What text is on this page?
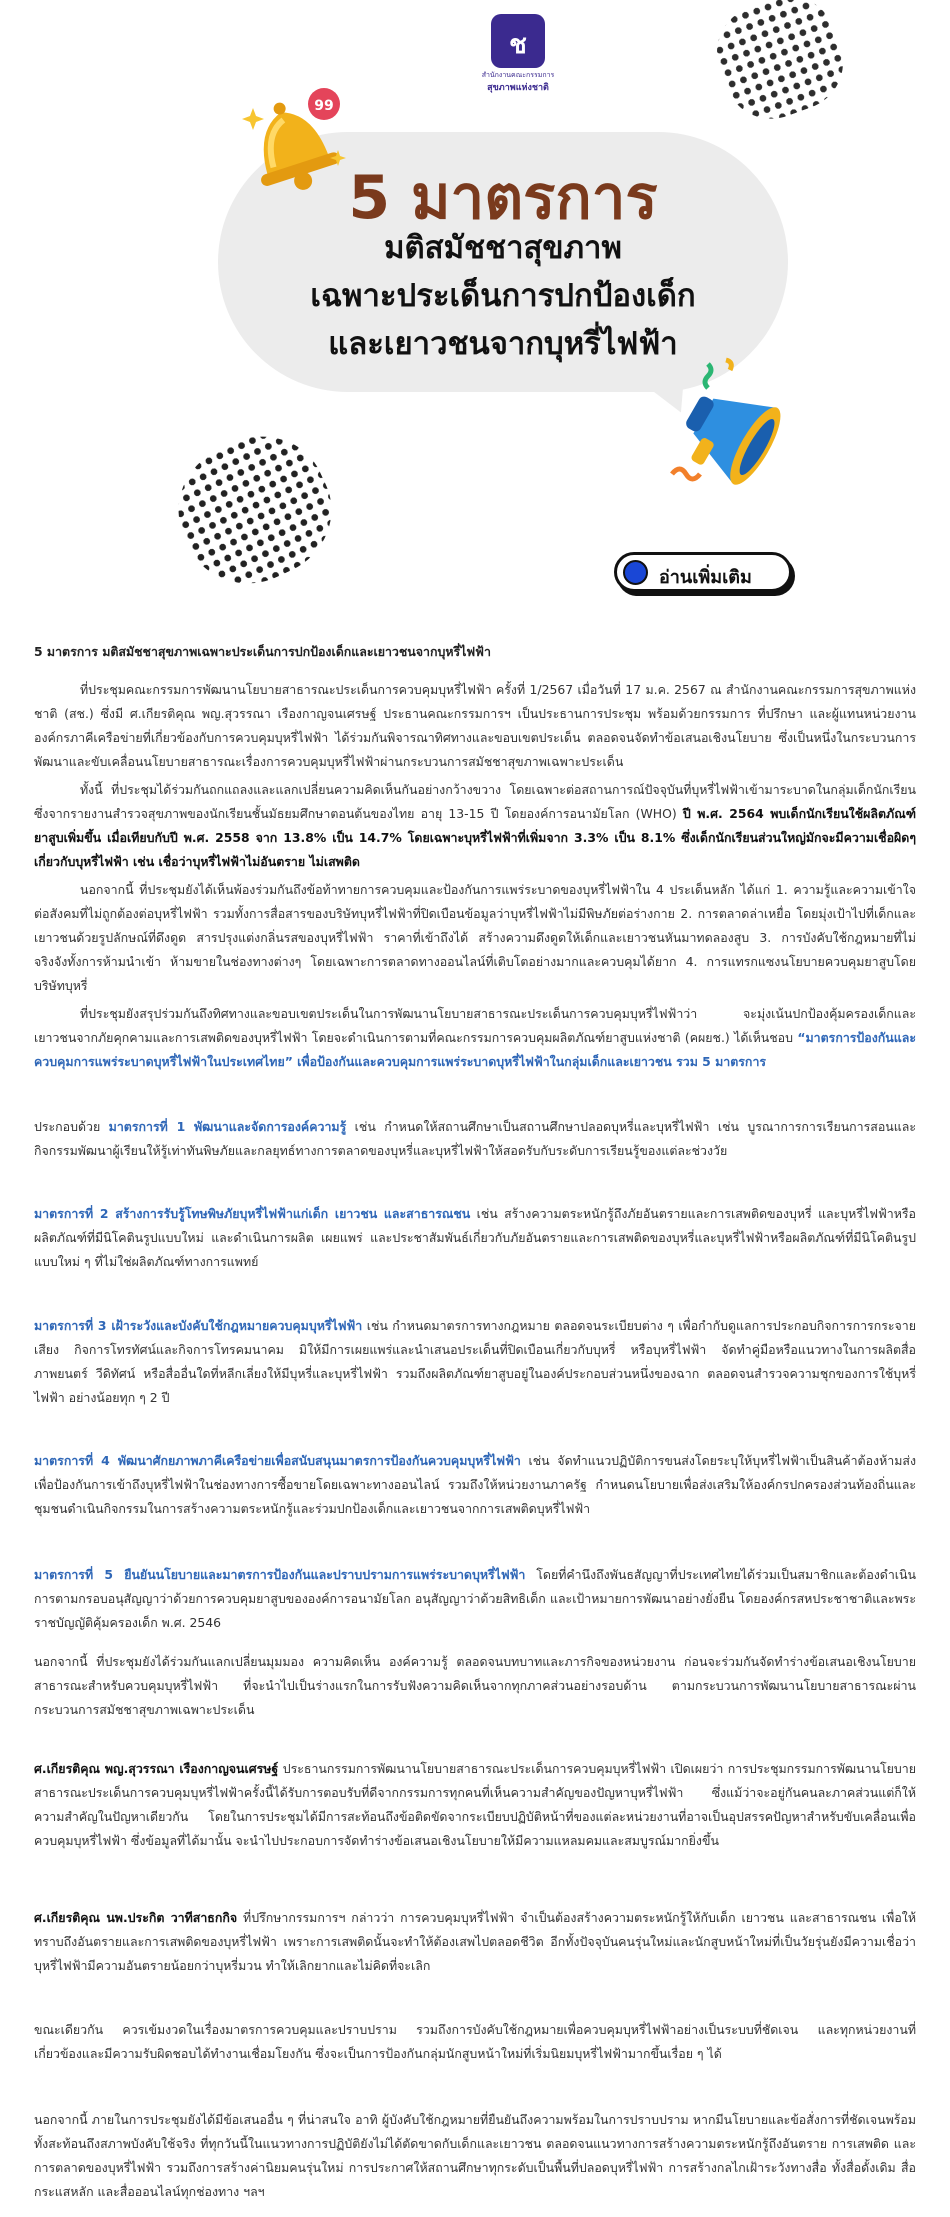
ช
สำนักงานคณะกรรมการ
สุขภาพแห่งชาติ
99
5 มาตรการ
มติสมัชชาสุขภาพ
เฉพาะประเด็นการปกป้องเด็ก
และเยาวชนจากบุหรี่ไฟฟ้า
อ่านเพิ่มเติม

5 มาตรการ มติสมัชชาสุขภาพเฉพาะประเด็นการปกป้องเด็กและเยาวชนจากบุหรี่ไฟฟ้า

ที่ประชุมคณะกรรมการพัฒนานโยบายสาธารณะประเด็นการควบคุมบุหรี่ไฟฟ้า ครั้งที่ 1/2567 เมื่อวันที่ 17 ม.ค. 2567 ณ สำนักงานคณะกรรมการสุขภาพแห่งชาติ (สช.) ซึ่งมี ศ.เกียรติคุณ พญ.สุวรรณา เรืองกาญจนเศรษฐ์ ประธานคณะกรรมการฯ เป็นประธานการประชุม พร้อมด้วยกรรมการ ที่ปรึกษา และผู้แทนหน่วยงานองค์กรภาคีเครือข่ายที่เกี่ยวข้องกับการควบคุมบุหรี่ไฟฟ้า ได้ร่วมกันพิจารณาทิศทางและขอบเขตประเด็น ตลอดจนจัดทำข้อเสนอเชิงนโยบาย ซึ่งเป็นหนึ่งในกระบวนการพัฒนาและขับเคลื่อนนโยบายสาธารณะเรื่องการควบคุมบุหรี่ไฟฟ้าผ่านกระบวนการสมัชชาสุขภาพเฉพาะประเด็น

ทั้งนี้ ที่ประชุมได้ร่วมกันถกแถลงและแลกเปลี่ยนความคิดเห็นกันอย่างกว้างขวาง โดยเฉพาะต่อสถานการณ์ปัจจุบันที่บุหรี่ไฟฟ้าเข้ามาระบาดในกลุ่มเด็กนักเรียน ซึ่งจากรายงานสำรวจสุขภาพของนักเรียนชั้นมัธยมศึกษาตอนต้นของไทย อายุ 13-15 ปี โดยองค์การอนามัยโลก (WHO) ปี พ.ศ. 2564 พบเด็กนักเรียนใช้ผลิตภัณฑ์ยาสูบเพิ่มขึ้น เมื่อเทียบกับปี พ.ศ. 2558 จาก 13.8% เป็น 14.7% โดยเฉพาะบุหรี่ไฟฟ้าที่เพิ่มจาก 3.3% เป็น 8.1% ซึ่งเด็กนักเรียนส่วนใหญ่มักจะมีความเชื่อผิดๆ เกี่ยวกับบุหรี่ไฟฟ้า เช่น เชื่อว่าบุหรี่ไฟฟ้าไม่อันตราย ไม่เสพติด

นอกจากนี้ ที่ประชุมยังได้เห็นพ้องร่วมกันถึงข้อท้าทายการควบคุมและป้องกันการแพร่ระบาดของบุหรี่ไฟฟ้าใน 4 ประเด็นหลัก ได้แก่ 1. ความรู้และความเข้าใจต่อสังคมที่ไม่ถูกต้องต่อบุหรี่ไฟฟ้า รวมทั้งการสื่อสารของบริษัทบุหรี่ไฟฟ้าที่ปิดเบือนข้อมูลว่าบุหรี่ไฟฟ้าไม่มีพิษภัยต่อร่างกาย 2. การตลาดล่าเหยื่อ โดยมุ่งเป้าไปที่เด็กและเยาวชนด้วยรูปลักษณ์ที่ดึงดูด สารปรุงแต่งกลิ่นรสของบุหรี่ไฟฟ้า ราคาที่เข้าถึงได้ สร้างความดึงดูดให้เด็กและเยาวชนหันมาทดลองสูบ 3. การบังคับใช้กฎหมายที่ไม่จริงจังทั้งการห้ามนำเข้า ห้ามขายในช่องทางต่างๆ โดยเฉพาะการตลาดทางออนไลน์ที่เติบโตอย่างมากและควบคุมได้ยาก 4. การแทรกแซงนโยบายควบคุมยาสูบโดยบริษัทบุหรี่

ที่ประชุมยังสรุปร่วมกันถึงทิศทางและขอบเขตประเด็นในการพัฒนานโยบายสาธารณะประเด็นการควบคุมบุหรี่ไฟฟ้าว่า จะมุ่งเน้นปกป้องคุ้มครองเด็กและเยาวชนจากภัยคุกคามและการเสพติดของบุหรี่ไฟฟ้า โดยจะดำเนินการตามที่คณะกรรมการควบคุมผลิตภัณฑ์ยาสูบแห่งชาติ (คผยช.) ได้เห็นชอบ “มาตรการป้องกันและควบคุมการแพร่ระบาดบุหรี่ไฟฟ้าในประเทศไทย” เพื่อป้องกันและควบคุมการแพร่ระบาดบุหรี่ไฟฟ้าในกลุ่มเด็กและเยาวชน รวม 5 มาตรการ

ประกอบด้วย มาตรการที่ 1 พัฒนาและจัดการองค์ความรู้ เช่น กำหนดให้สถานศึกษาเป็นสถานศึกษาปลอดบุหรี่และบุหรี่ไฟฟ้า เช่น บูรณาการการเรียนการสอนและกิจกรรมพัฒนาผู้เรียนให้รู้เท่าทันพิษภัยและกลยุทธ์ทางการตลาดของบุหรี่และบุหรี่ไฟฟ้าให้สอดรับกับระดับการเรียนรู้ของแต่ละช่วงวัย
มาตรการที่ 2 สร้างการรับรู้โทษพิษภัยบุหรี่ไฟฟ้าแก่เด็ก เยาวชน และสาธารณชน เช่น สร้างความตระหนักรู้ถึงภัยอันตรายและการเสพติดของบุหรี่ และบุหรี่ไฟฟ้าหรือผลิตภัณฑ์ที่มีนิโคตินรูปแบบใหม่ และดำเนินการผลิต เผยแพร่ และประชาสัมพันธ์เกี่ยวกับภัยอันตรายและการเสพติดของบุหรี่และบุหรี่ไฟฟ้าหรือผลิตภัณฑ์ที่มีนิโคตินรูปแบบใหม่ ๆ ที่ไม่ใช่ผลิตภัณฑ์ทางการแพทย์
มาตรการที่ 3 เฝ้าระวังและบังคับใช้กฎหมายควบคุมบุหรี่ไฟฟ้า เช่น กำหนดมาตรการทางกฎหมาย ตลอดจนระเบียบต่าง ๆ เพื่อกำกับดูแลการประกอบกิจการการกระจายเสียง กิจการโทรทัศน์และกิจการโทรคมนาคม มิให้มีการเผยแพร่และนำเสนอประเด็นที่ปิดเบือนเกี่ยวกับบุหรี่ หรือบุหรี่ไฟฟ้า จัดทำคู่มือหรือแนวทางในการผลิตสื่อภาพยนตร์ วีดิทัศน์ หรือสื่ออื่นใดที่หลีกเลี่ยงให้มีบุหรี่และบุหรี่ไฟฟ้า รวมถึงผลิตภัณฑ์ยาสูบอยู่ในองค์ประกอบส่วนหนึ่งของฉาก ตลอดจนสำรวจความชุกของการใช้บุหรี่ไฟฟ้า อย่างน้อยทุก ๆ 2 ปี
มาตรการที่ 4 พัฒนาศักยภาพภาคีเครือข่ายเพื่อสนับสนุนมาตรการป้องกันควบคุมบุหรี่ไฟฟ้า เช่น จัดทำแนวปฏิบัติการขนส่งโดยระบุให้บุหรี่ไฟฟ้าเป็นสินค้าต้องห้ามส่ง เพื่อป้องกันการเข้าถึงบุหรี่ไฟฟ้าในช่องทางการซื้อขายโดยเฉพาะทางออนไลน์ รวมถึงให้หน่วยงานภาครัฐ กำหนดนโยบายเพื่อส่งเสริมให้องค์กรปกครองส่วนท้องถิ่นและชุมชนดำเนินกิจกรรมในการสร้างความตระหนักรู้และร่วมปกป้องเด็กและเยาวชนจากการเสพติดบุหรี่ไฟฟ้า
มาตรการที่ 5 ยืนยันนโยบายและมาตรการป้องกันและปราบปรามการแพร่ระบาดบุหรี่ไฟฟ้า โดยที่คำนึงถึงพันธสัญญาที่ประเทศไทยได้ร่วมเป็นสมาชิกและต้องดำเนินการตามกรอบอนุสัญญาว่าด้วยการควบคุมยาสูบขององค์การอนามัยโลก อนุสัญญาว่าด้วยสิทธิเด็ก และเป้าหมายการพัฒนาอย่างยั่งยืน โดยองค์กรสหประชาชาติและพระราชบัญญัติคุ้มครองเด็ก พ.ศ. 2546
นอกจากนี้ ที่ประชุมยังได้ร่วมกันแลกเปลี่ยนมุมมอง ความคิดเห็น องค์ความรู้ ตลอดจนบทบาทและภารกิจของหน่วยงาน ก่อนจะร่วมกันจัดทำร่างข้อเสนอเชิงนโยบายสาธารณะสำหรับควบคุมบุหรี่ไฟฟ้า ที่จะนำไปเป็นร่างแรกในการรับฟังความคิดเห็นจากทุกภาคส่วนอย่างรอบด้าน ตามกระบวนการพัฒนานโยบายสาธารณะผ่านกระบวนการสมัชชาสุขภาพเฉพาะประเด็น
ศ.เกียรติคุณ พญ.สุวรรณา เรืองกาญจนเศรษฐ์ ประธานกรรมการพัฒนานโยบายสาธารณะประเด็นการควบคุมบุหรี่ไฟฟ้า เปิดเผยว่า การประชุมกรรมการพัฒนานโยบายสาธารณะประเด็นการควบคุมบุหรี่ไฟฟ้าครั้งนี้ได้รับการตอบรับที่ดีจากกรรมการทุกคนที่เห็นความสำคัญของปัญหาบุหรี่ไฟฟ้า ซึ่งแม้ว่าจะอยู่กันคนละภาคส่วนแต่ก็ให้ความสำคัญในปัญหาเดียวกัน โดยในการประชุมได้มีการสะท้อนถึงข้อติดขัดจากระเบียบปฏิบัติหน้าที่ของแต่ละหน่วยงานที่อาจเป็นอุปสรรคปัญหาสำหรับขับเคลื่อนเพื่อควบคุมบุหรี่ไฟฟ้า ซึ่งข้อมูลที่ได้มานั้น จะนำไปประกอบการจัดทำร่างข้อเสนอเชิงนโยบายให้มีความแหลมคมและสมบูรณ์มากยิ่งขึ้น
ศ.เกียรติคุณ นพ.ประกิต วาทีสาธกกิจ ที่ปรึกษากรรมการฯ กล่าวว่า การควบคุมบุหรี่ไฟฟ้า จำเป็นต้องสร้างความตระหนักรู้ให้กับเด็ก เยาวชน และสาธารณชน เพื่อให้ทราบถึงอันตรายและการเสพติดของบุหรี่ไฟฟ้า เพราะการเสพติดนั้นจะทำให้ต้องเสพไปตลอดชีวิต อีกทั้งปัจจุบันคนรุ่นใหม่และนักสูบหน้าใหม่ที่เป็นวัยรุ่นยังมีความเชื่อว่าบุหรี่ไฟฟ้ามีความอันตรายน้อยกว่าบุหรี่มวน ทำให้เลิกยากและไม่คิดที่จะเลิก
ขณะเดียวกัน ควรเข้มงวดในเรื่องมาตรการควบคุมและปราบปราม รวมถึงการบังคับใช้กฎหมายเพื่อควบคุมบุหรี่ไฟฟ้าอย่างเป็นระบบที่ชัดเจน และทุกหน่วยงานที่เกี่ยวข้องและมีความรับผิดชอบได้ทำงานเชื่อมโยงกัน ซึ่งจะเป็นการป้องกันกลุ่มนักสูบหน้าใหม่ที่เริ่มนิยมบุหรี่ไฟฟ้ามากขึ้นเรื่อย ๆ ได้
นอกจากนี้ ภายในการประชุมยังได้มีข้อเสนออื่น ๆ ที่น่าสนใจ อาทิ ผู้บังคับใช้กฎหมายที่ยืนยันถึงความพร้อมในการปราบปราม หากมีนโยบายและข้อสั่งการที่ชัดเจนพร้อมทั้งสะท้อนถึงสภาพบังคับใช้จริง ที่ทุกวันนี้ในแนวทางการปฏิบัติยังไม่ได้ตัดขาดกับเด็กและเยาวชน ตลอดจนแนวทางการสร้างความตระหนักรู้ถึงอันตราย การเสพติด และการตลาดของบุหรี่ไฟฟ้า รวมถึงการสร้างค่านิยมคนรุ่นใหม่ การประกาศให้สถานศึกษาทุกระดับเป็นพื้นที่ปลอดบุหรี่ไฟฟ้า การสร้างกลไกเฝ้าระวังทางสื่อ ทั้งสื่อดั้งเดิม สื่อกระแสหลัก และสื่อออนไลน์ทุกช่องทาง ฯลฯ
